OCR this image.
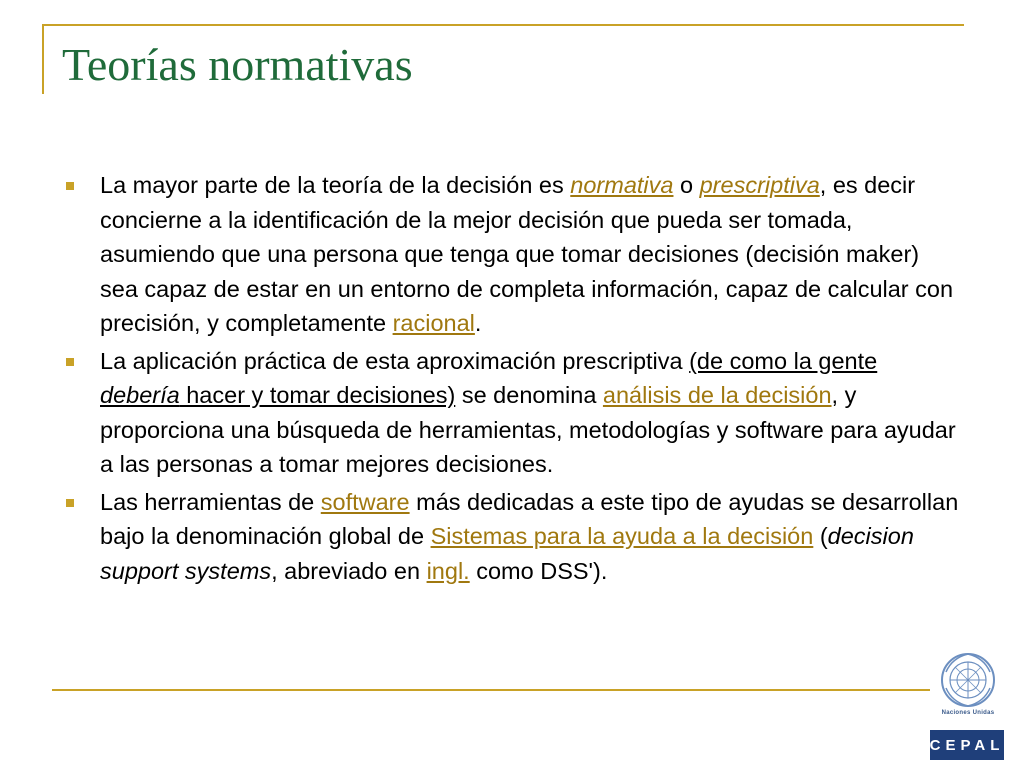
Teorías normativas
La mayor parte de la teoría de la decisión es normativa o prescriptiva, es decir concierne a la identificación de la mejor decisión que pueda ser tomada, asumiendo que una persona que tenga que tomar decisiones (decisión maker) sea capaz de estar en un entorno de completa información, capaz de calcular con precisión, y completamente racional.
La aplicación práctica de esta aproximación prescriptiva (de como la gente debería hacer y tomar decisiones) se denomina análisis de la decisión, y proporciona una búsqueda de herramientas, metodologías y software para ayudar a las personas a tomar mejores decisiones.
Las herramientas de software más dedicadas a este tipo de ayudas se desarrollan bajo la denominación global de Sistemas para la ayuda a la decisión (decision support systems, abreviado en ingl. como DSS').
Naciones Unidas
CEPAL
